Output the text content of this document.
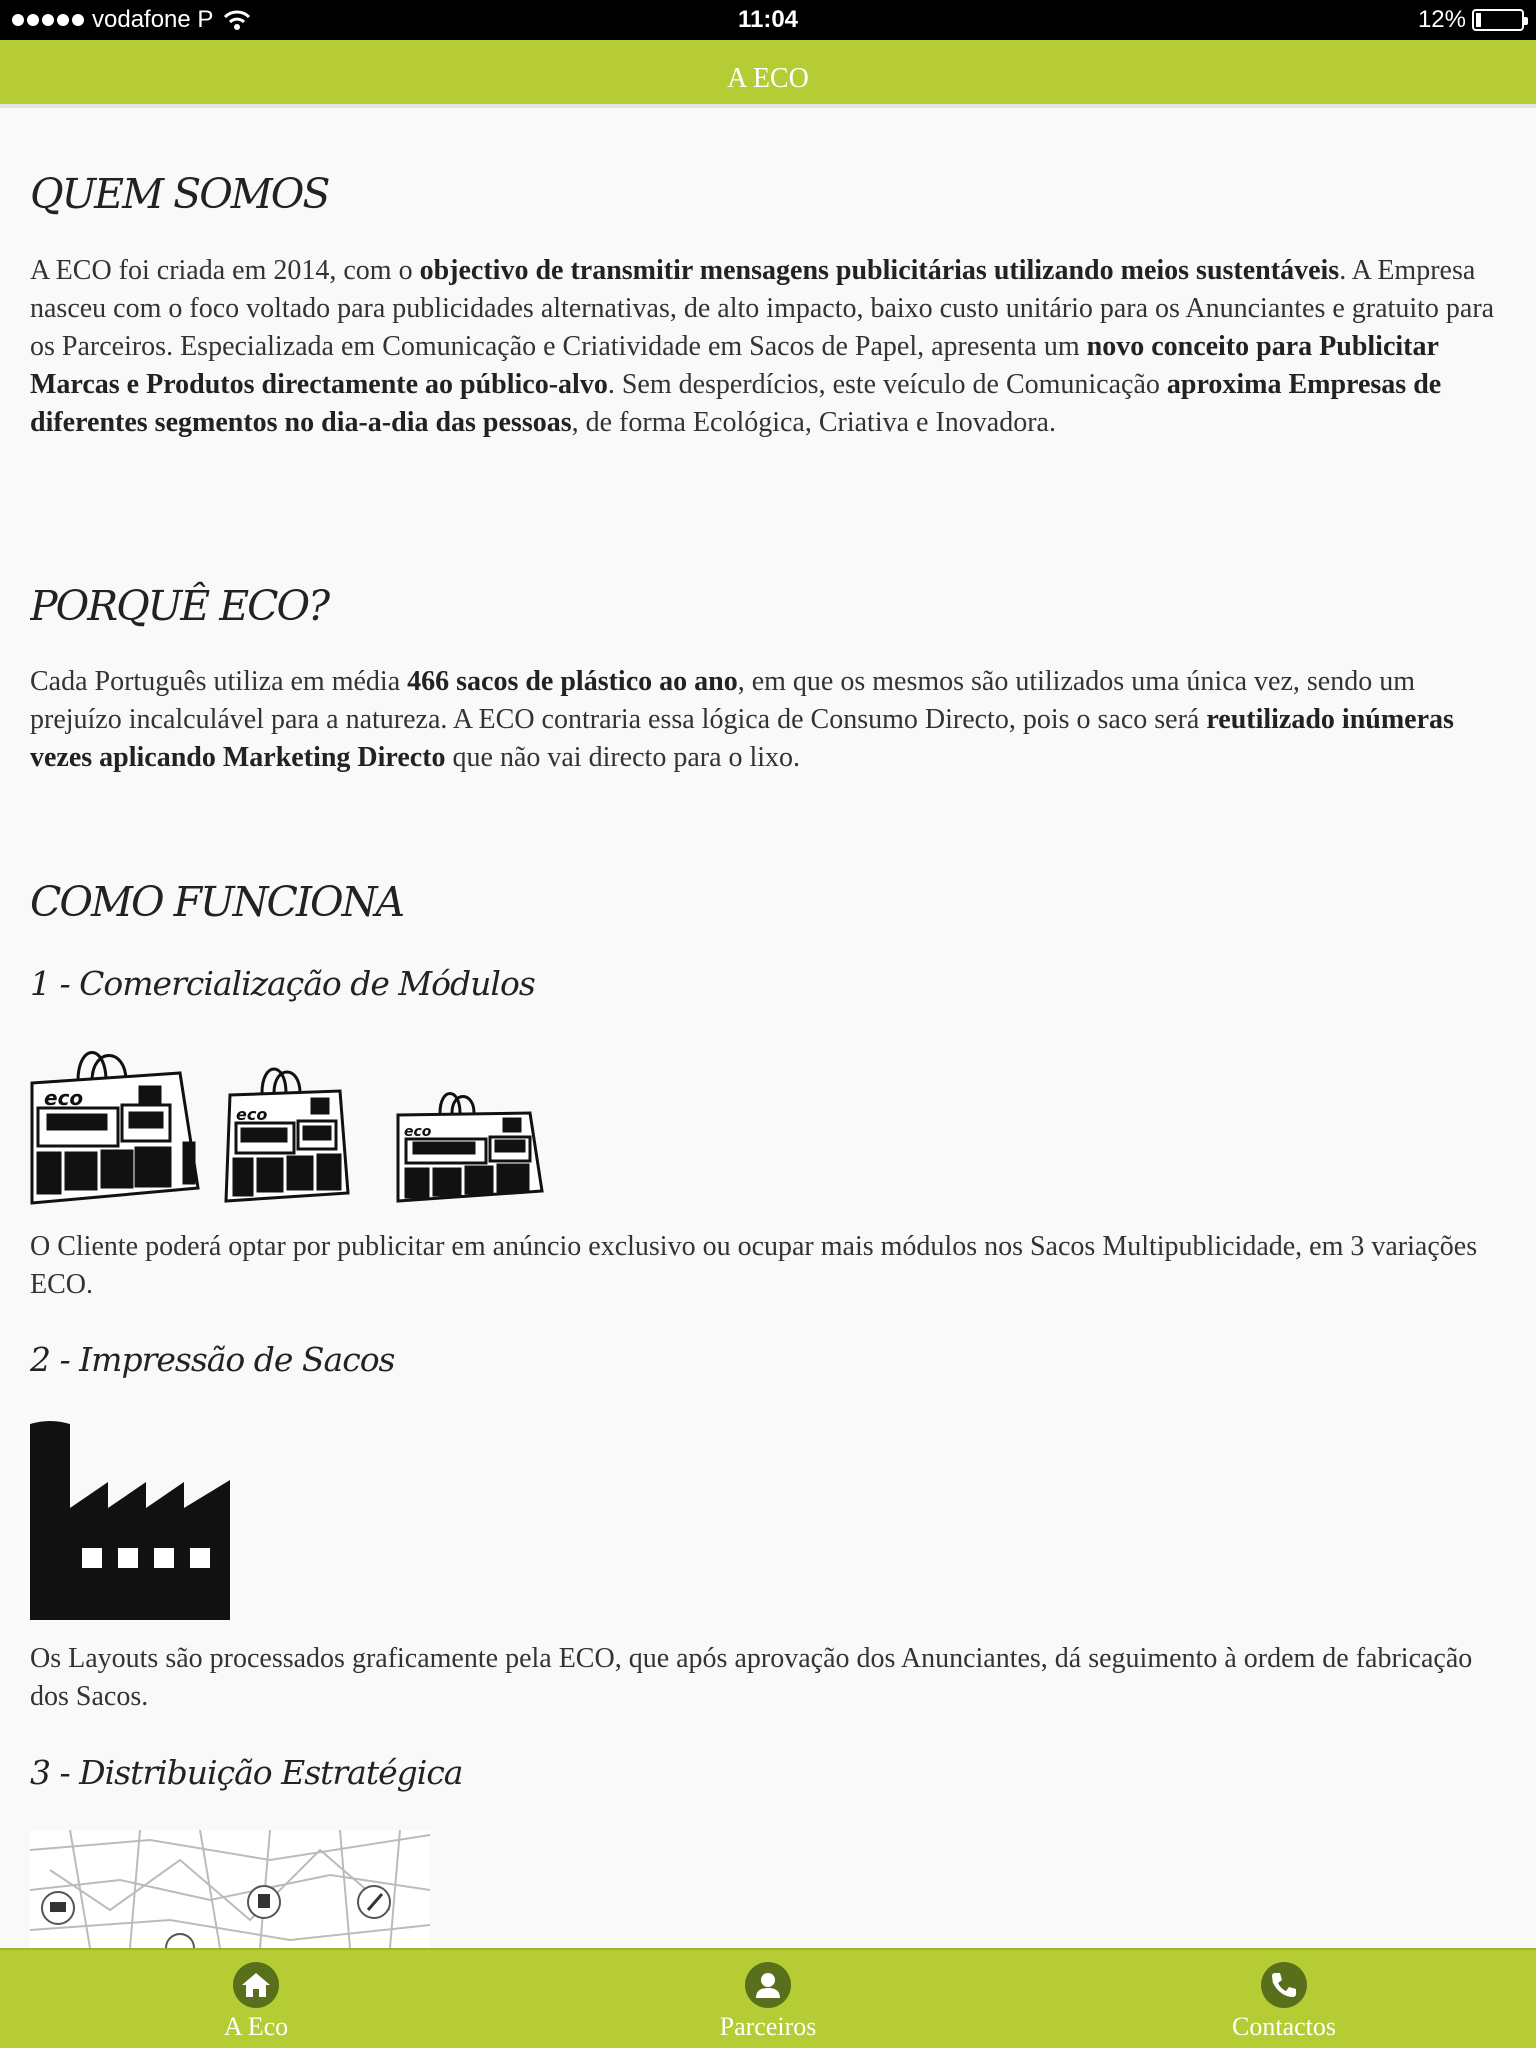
vodafone P	11:04	12%
A ECO
QUEM SOMOS

A ECO foi criada em 2014, com o objectivo de transmitir mensagens publicitárias utilizando meios sustentáveis. A Empresa nasceu com o foco voltado para publicidades alternativas, de alto impacto, baixo custo unitário para os Anunciantes e gratuito para os Parceiros. Especializada em Comunicação e Criatividade em Sacos de Papel, apresenta um novo conceito para Publicitar Marcas e Produtos directamente ao público-alvo. Sem desperdícios, este veículo de Comunicação aproxima Empresas de diferentes segmentos no dia-a-dia das pessoas, de forma Ecológica, Criativa e Inovadora.

PORQUÊ ECO?

Cada Português utiliza em média 466 sacos de plástico ao ano, em que os mesmos são utilizados uma única vez, sendo um prejuízo incalculável para a natureza. A ECO contraria essa lógica de Consumo Directo, pois o saco será reutilizado inúmeras vezes aplicando Marketing Directo que não vai directo para o lixo.

COMO FUNCIONA
1 - Comercialização de Módulos
eco
eco
eco

O Cliente poderá optar por publicitar em anúncio exclusivo ou ocupar mais módulos nos Sacos Multipublicidade, em 3 variações ECO.

2 - Impressão de Sacos

Os Layouts são processados graficamente pela ECO, que após aprovação dos Anunciantes, dá seguimento à ordem de fabricação dos Sacos.

3 - Distribuição Estratégica
A Eco	Parceiros	Contactos
